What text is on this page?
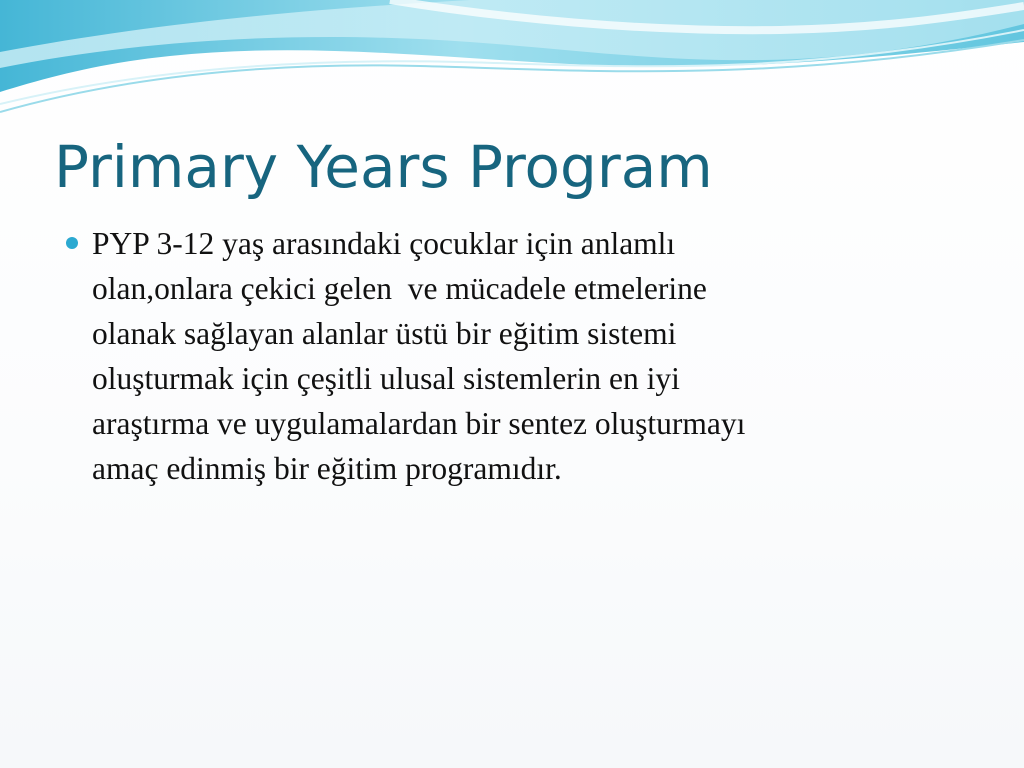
Primary Years Program
PYP 3-12 yaş arasındaki çocuklar için anlamlı
olan,onlara çekici gelen  ve mücadele etmelerine
olanak sağlayan alanlar üstü bir eğitim sistemi
oluşturmak için çeşitli ulusal sistemlerin en iyi
araştırma ve uygulamalardan bir sentez oluşturmayı
amaç edinmiş bir eğitim programıdır.
